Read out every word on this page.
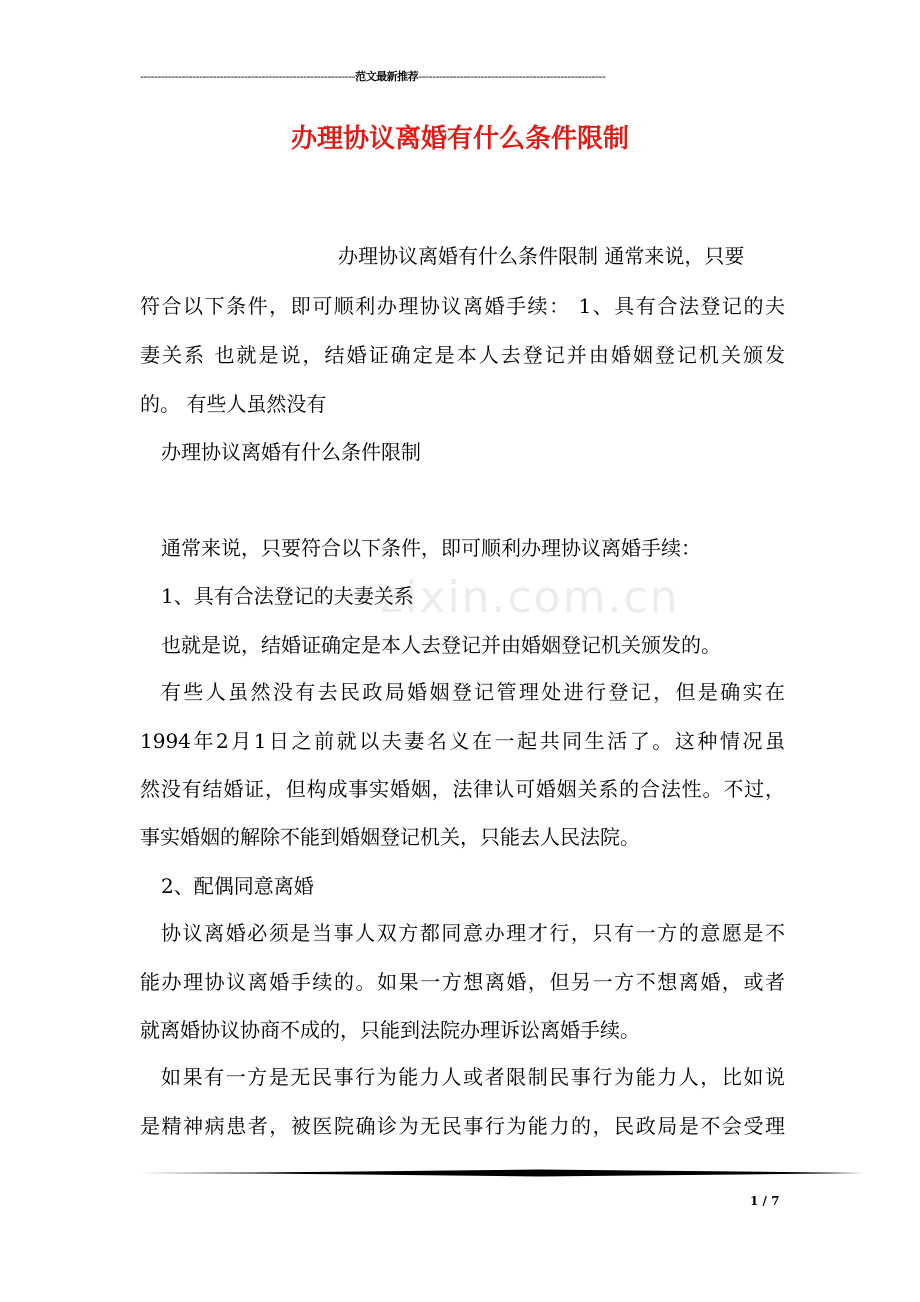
--------------------------------------------------------------范文最新推荐------------------------------------------------------
办理协议离婚有什么条件限制
zixin.com.cn
办理协议离婚有什么条件限制 通常来说，只要
符合以下条件，即可顺利办理协议离婚手续： 1、具有合法登记的夫
妻关系 也就是说，结婚证确定是本人去登记并由婚姻登记机关颁发
的。 有些人虽然没有
办理协议离婚有什么条件限制
通常来说，只要符合以下条件，即可顺利办理协议离婚手续：
1、具有合法登记的夫妻关系
也就是说，结婚证确定是本人去登记并由婚姻登记机关颁发的。
有些人虽然没有去民政局婚姻登记管理处进行登记，但是确实在
1994年2月1日之前就以夫妻名义在一起共同生活了。这种情况虽
然没有结婚证，但构成事实婚姻，法律认可婚姻关系的合法性。不过，
事实婚姻的解除不能到婚姻登记机关，只能去人民法院。
2、配偶同意离婚
协议离婚必须是当事人双方都同意办理才行，只有一方的意愿是不
能办理协议离婚手续的。如果一方想离婚，但另一方不想离婚，或者
就离婚协议协商不成的，只能到法院办理诉讼离婚手续。
如果有一方是无民事行为能力人或者限制民事行为能力人，比如说
是精神病患者，被医院确诊为无民事行为能力的，民政局是不会受理
1 / 7
